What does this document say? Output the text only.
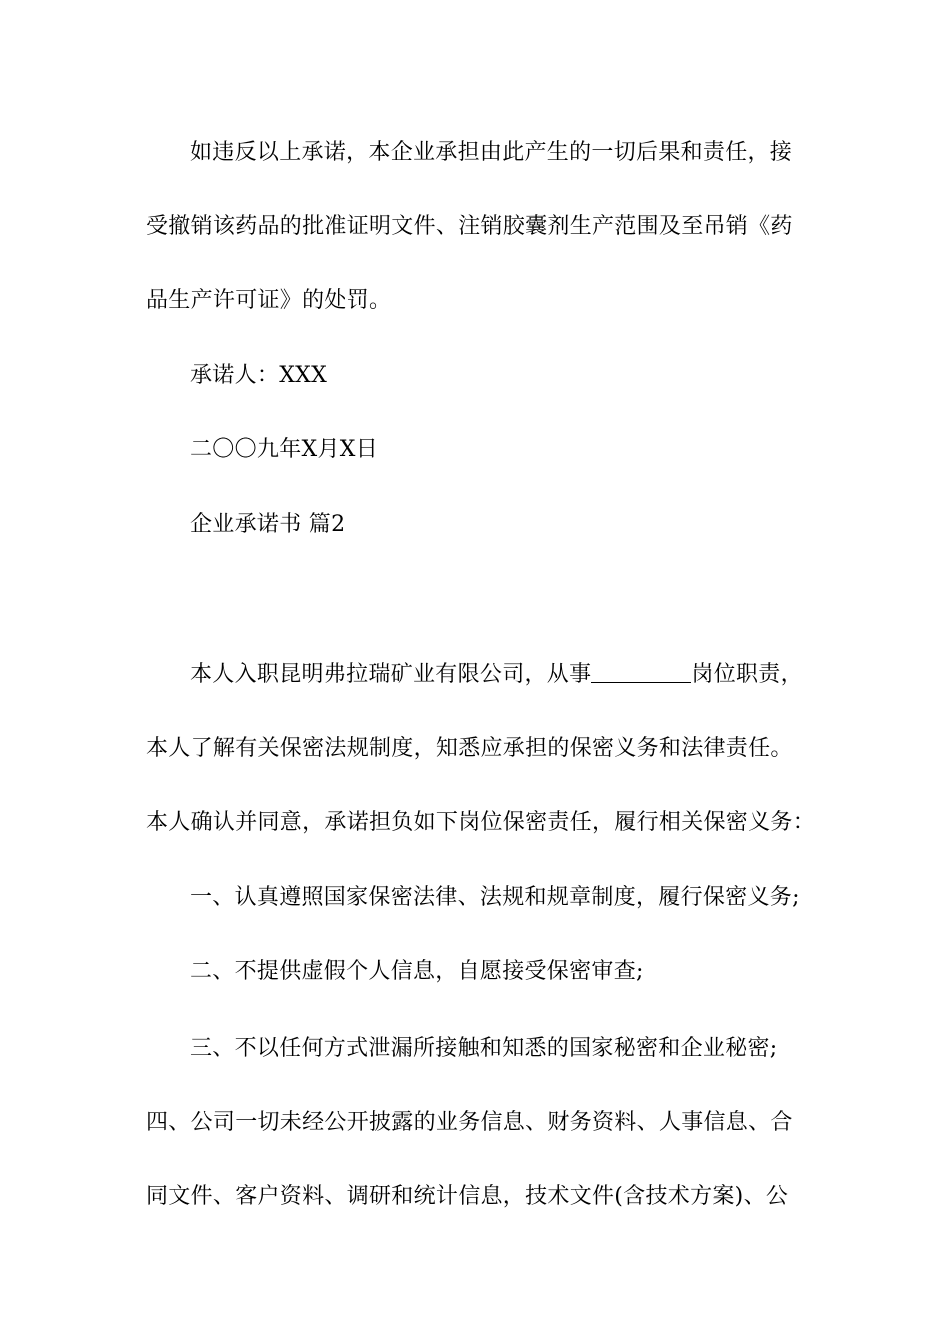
如违反以上承诺，本企业承担由此产生的一切后果和责任，接
受撤销该药品的批准证明文件、注销胶囊剂生产范围及至吊销《药
品生产许可证》的处罚。
承诺人：XXX
二〇〇九年X月X日
企业承诺书 篇2
本人入职昆明弗拉瑞矿业有限公司，从事	岗位职责，
本人了解有关保密法规制度，知悉应承担的保密义务和法律责任。
本人确认并同意，承诺担负如下岗位保密责任，履行相关保密义务：
一、认真遵照国家保密法律、法规和规章制度，履行保密义务;
二、不提供虚假个人信息，自愿接受保密审查;
三、不以任何方式泄漏所接触和知悉的国家秘密和企业秘密;
四、公司一切未经公开披露的业务信息、财务资料、人事信息、合
同文件、客户资料、调研和统计信息，技术文件(含技术方案)、公
